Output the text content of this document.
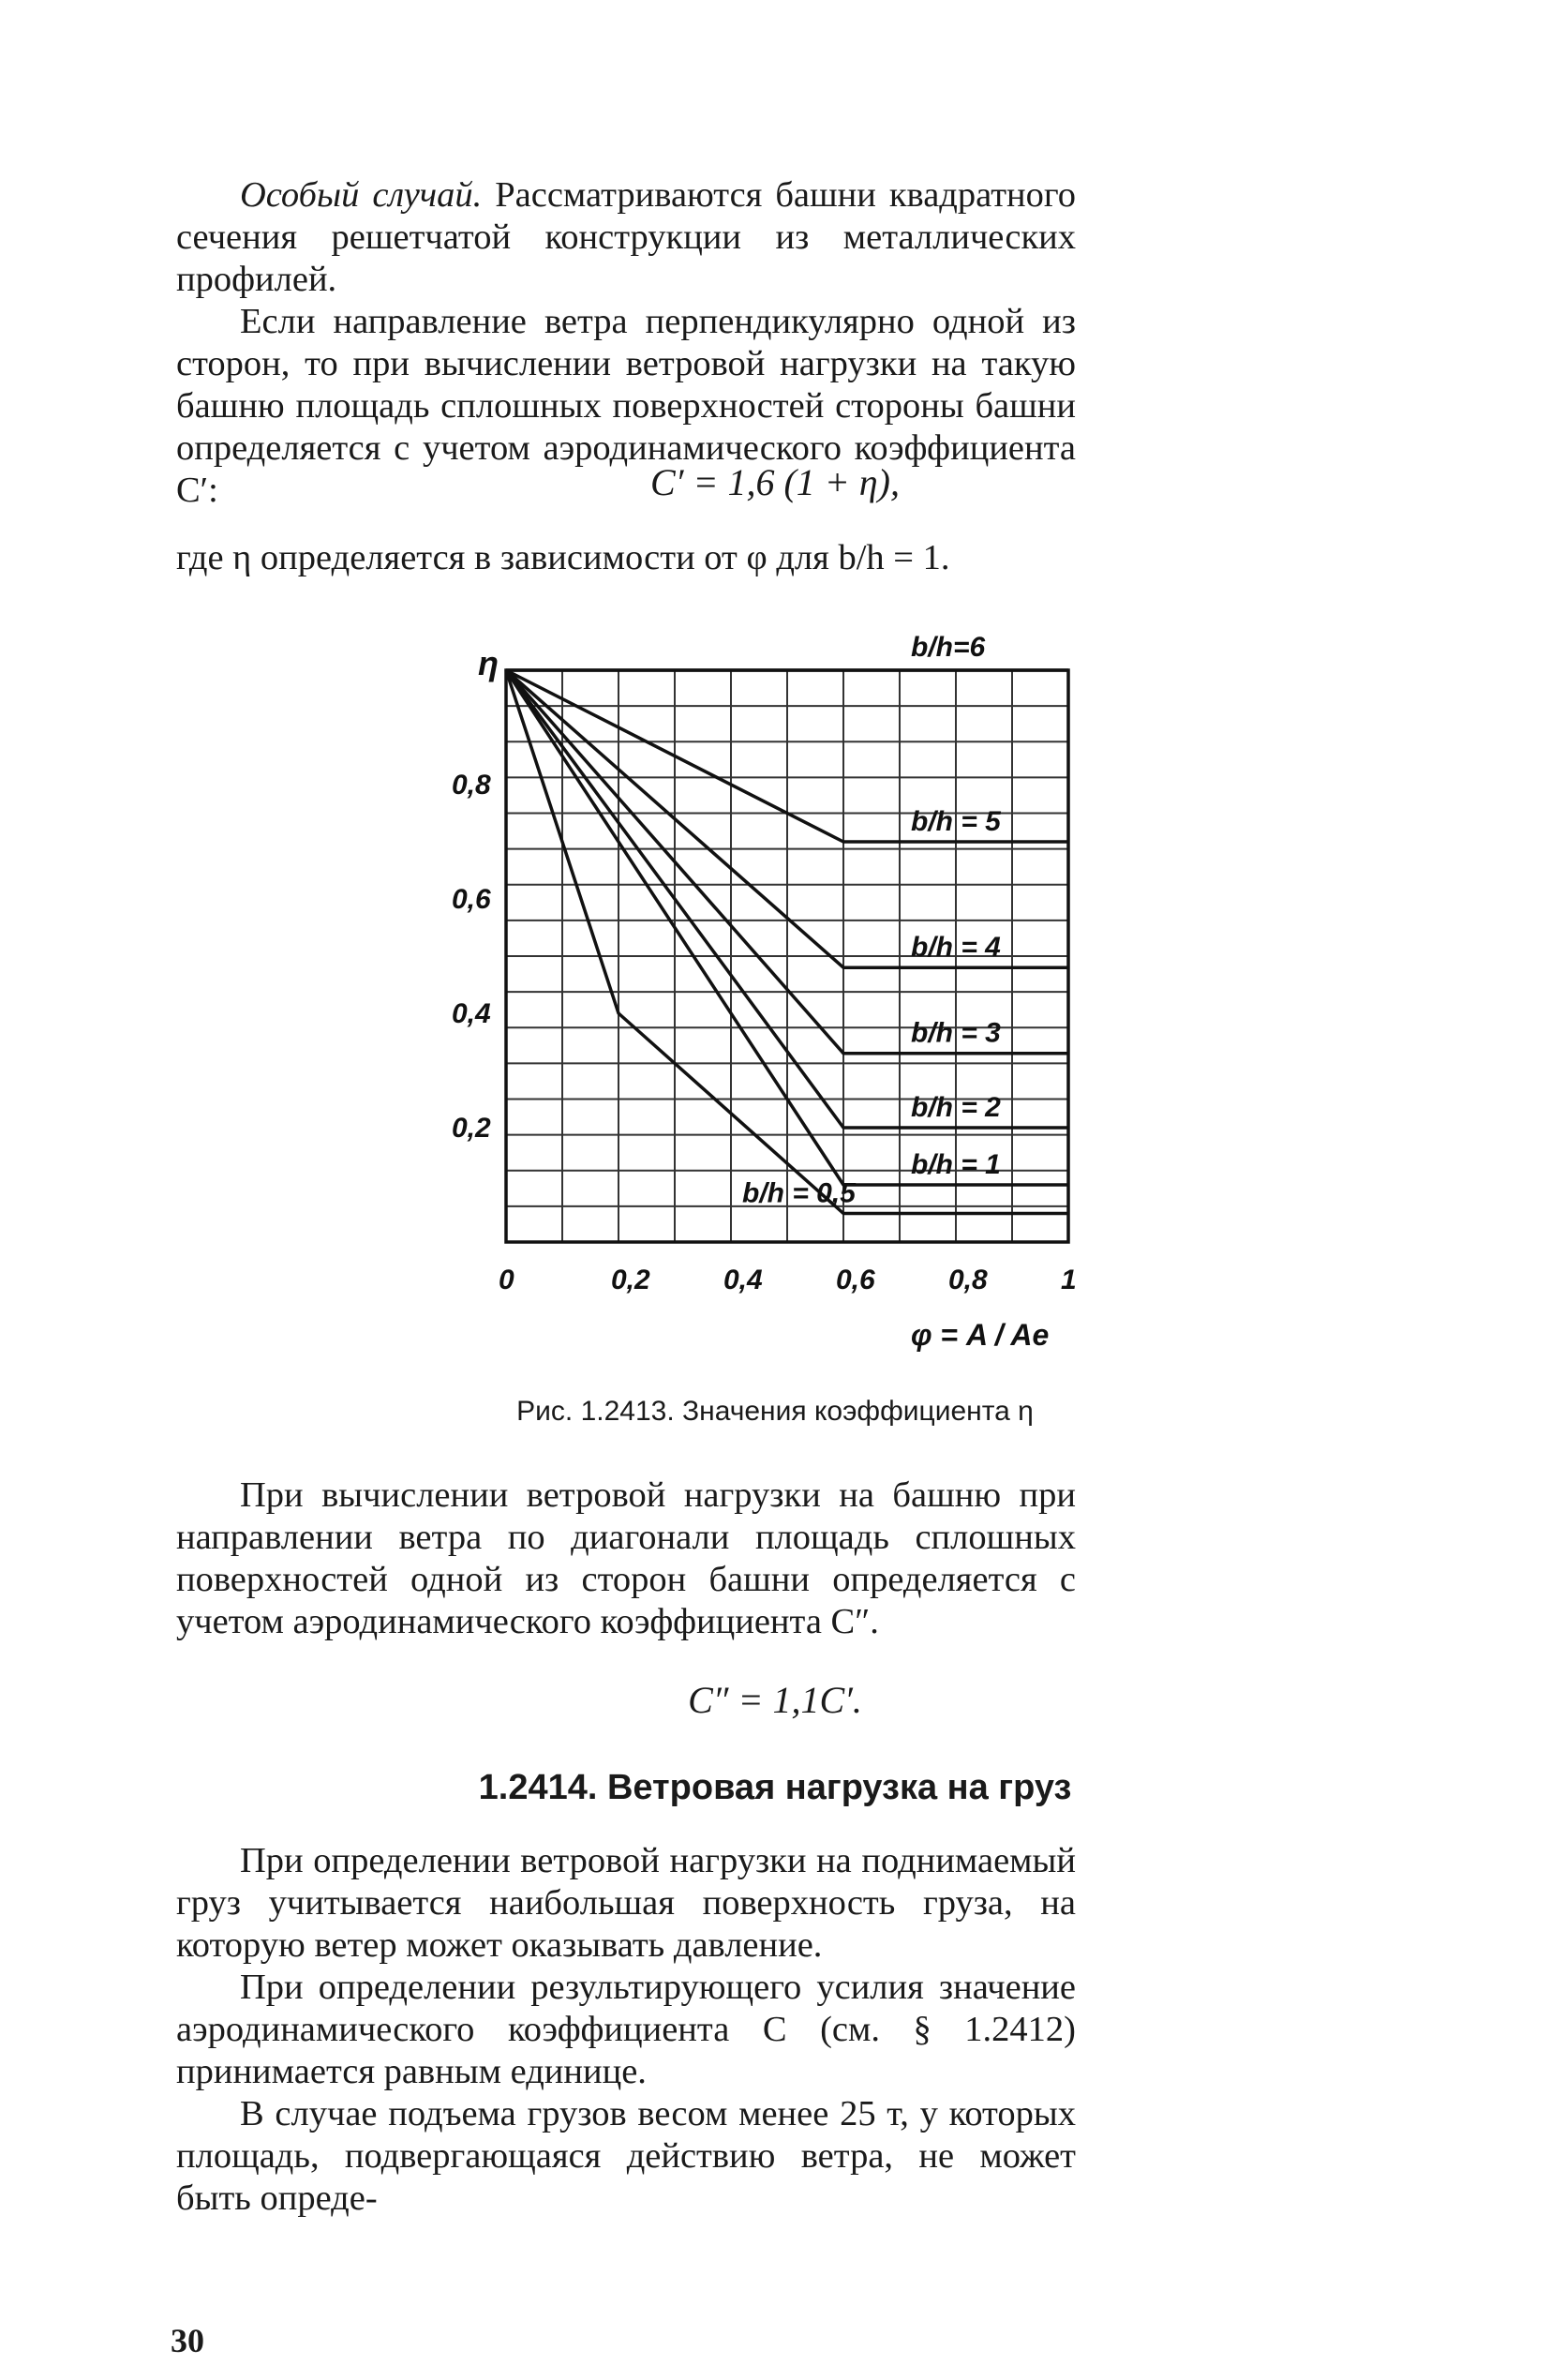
Особый случай. Рассматриваются башни квадратного сечения решетчатой конструкции из металлических профилей.

Если направление ветра перпендикулярно одной из сторон, то при вычислении ветровой нагрузки на такую башню площадь сплошных поверхностей стороны башни определяется с учетом аэродинамического коэффициента C′:	C′ = 1,6 (1 + η),

где η определяется в зависимости от φ для b/h = 1.

b/h=6
b/h = 5
b/h = 4
b/h = 3
b/h = 2
b/h = 1
b/h = 0,5
0	0,2	0,4	0,6	0,8	1
0,2
0,4
0,6
0,8
η
φ = A / Ae
Рис. 1.2413. Значения коэффициента η

При вычислении ветровой нагрузки на башню при направлении ветра по диагонали площадь сплошных поверхностей одной из сторон башни определяется с учетом аэродинамического коэффициента C″.

C″ = 1,1C′.
1.2414. Ветровая нагрузка на груз

При определении ветровой нагрузки на поднимаемый груз учитывается наибольшая поверхность груза, на которую ветер может оказывать давление.

При определении результирующего усилия значение аэродинамического коэффициента C (см. § 1.2412) принимается равным единице.

В случае подъема грузов весом менее 25 т, у которых площадь, подвергающаяся действию ветра, не может быть опреде-

30
